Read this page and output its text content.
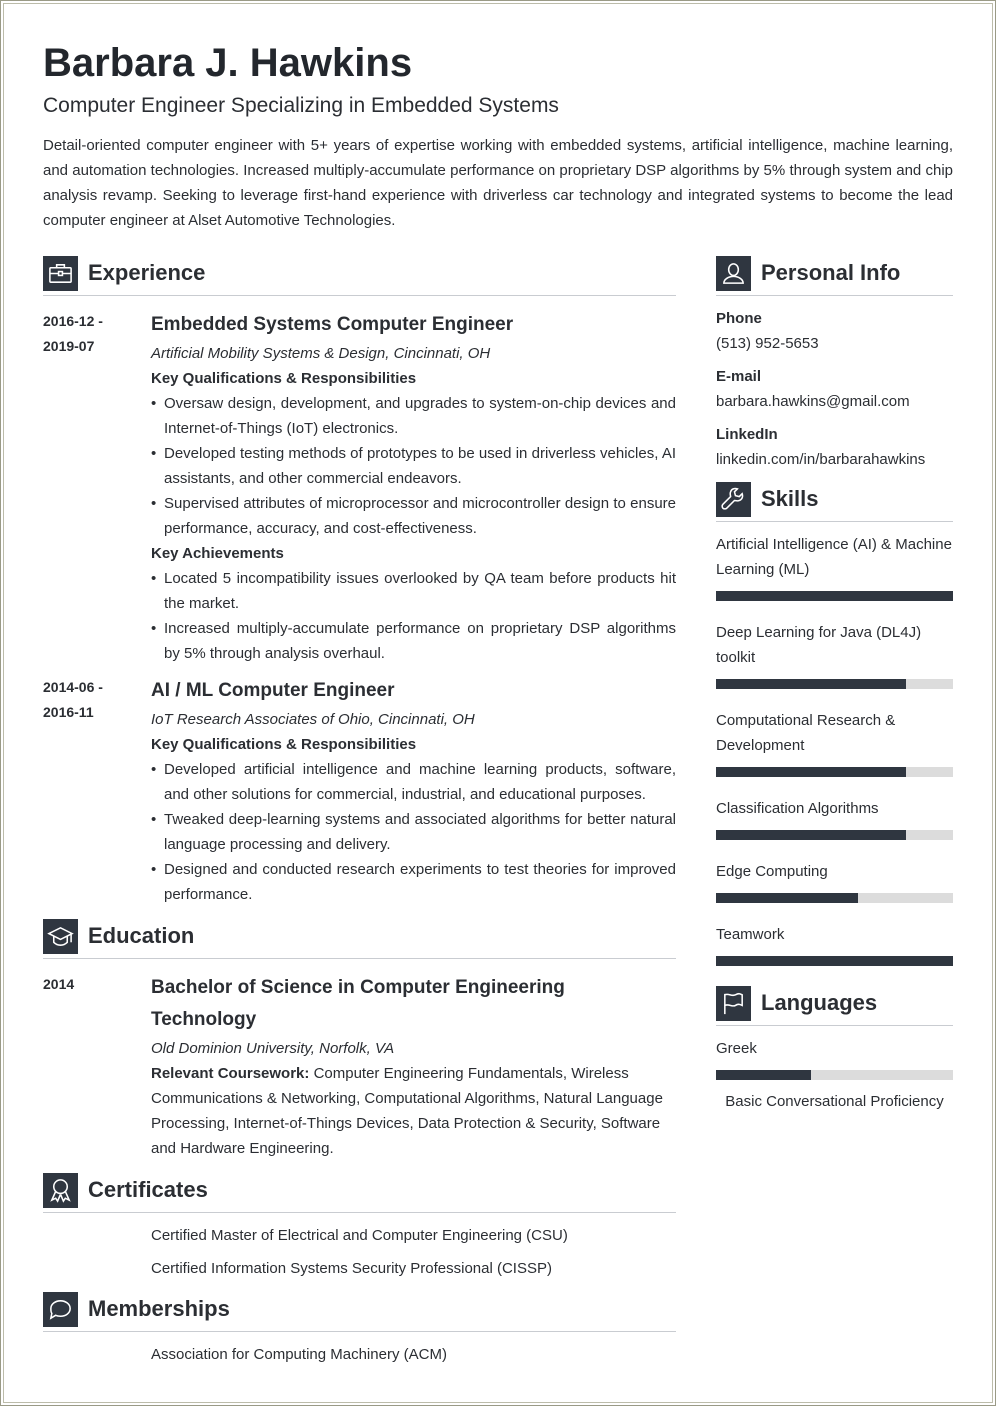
Barbara J. Hawkins
Computer Engineer Specializing in Embedded Systems

Detail-oriented computer engineer with 5+ years of expertise working with embedded systems, artificial intelligence, machine learning, and automation technologies. Increased multiply-accumulate performance on proprietary DSP algorithms by 5% through system and chip analysis revamp. Seeking to leverage first-hand experience with driverless car technology and integrated systems to become the lead computer engineer at Alset Automotive Technologies.

Experience
2016-12 -
2019-07
Embedded Systems Computer Engineer
Artificial Mobility Systems & Design, Cincinnati, OH
Key Qualifications & Responsibilities
• Oversaw design, development, and upgrades to system-on-chip devices and Internet-of-Things (IoT) electronics.
• Developed testing methods of prototypes to be used in driverless vehicles, AI assistants, and other commercial endeavors.
• Supervised attributes of microprocessor and microcontroller design to ensure performance, accuracy, and cost-effectiveness.
Key Achievements
• Located 5 incompatibility issues overlooked by QA team before products hit the market.
• Increased multiply-accumulate performance on proprietary DSP algorithms by 5% through analysis overhaul.
2014-06 -
2016-11
AI / ML Computer Engineer
IoT Research Associates of Ohio, Cincinnati, OH
Key Qualifications & Responsibilities
• Developed artificial intelligence and machine learning products, software, and other solutions for commercial, industrial, and educational purposes.
• Tweaked deep-learning systems and associated algorithms for better natural language processing and delivery.
• Designed and conducted research experiments to test theories for improved performance.
Education
2014	Bachelor of Science in Computer Engineering Technology
Old Dominion University, Norfolk, VA
Relevant Coursework: Computer Engineering Fundamentals, Wireless Communications & Networking, Computational Algorithms, Natural Language Processing, Internet-of-Things Devices, Data Protection & Security, Software and Hardware Engineering.
Certificates
Certified Master of Electrical and Computer Engineering (CSU)
Certified Information Systems Security Professional (CISSP)
Memberships
Association for Computing Machinery (ACM)
Personal Info
Phone
(513) 952-5653
E-mail
barbara.hawkins@gmail.com
LinkedIn
linkedin.com/in/barbarahawkins
Skills
Artificial Intelligence (AI) & Machine Learning (ML)
Deep Learning for Java (DL4J) toolkit
Computational Research & Development
Classification Algorithms
Edge Computing
Teamwork
Languages
Greek
Basic Conversational Proficiency
